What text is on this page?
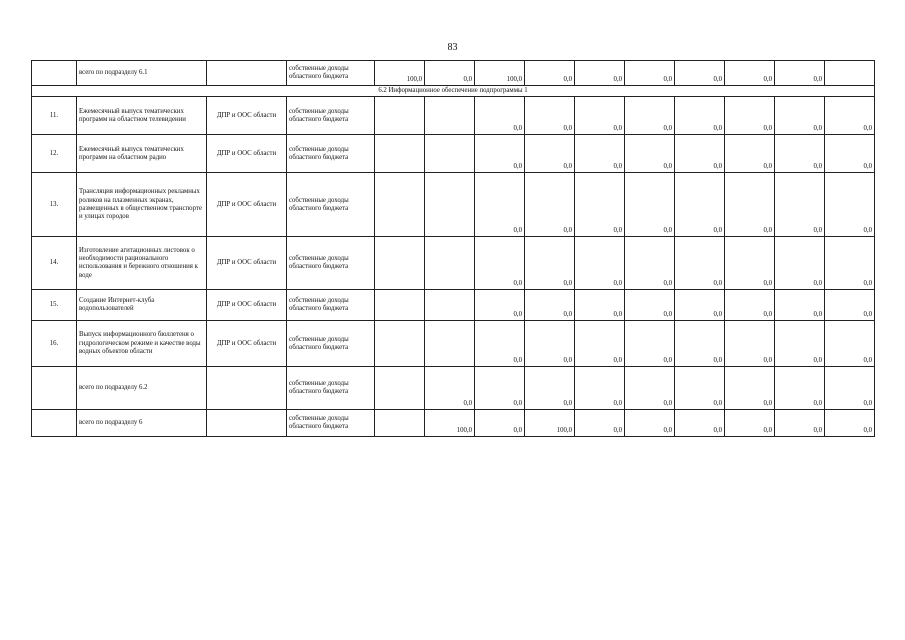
83
	всего по подразделу 6.1		собственные доходы областного бюджета	100,0	0,0	100,0	0,0	0,0	0,0	0,0	0,0	0,0	
6.2 Информационное обеспечение подпрограммы 1													
11.	Ежемесячный выпуск тематических программ на областном телевидении	ДПР и ООС области	собственные доходы областного бюджета			0,0	0,0	0,0	0,0	0,0	0,0	0,0	0,0
12.	Ежемесячный выпуск тематических программ на областном радио	ДПР и ООС области	собственные доходы областного бюджета			0,0	0,0	0,0	0,0	0,0	0,0	0,0	0,0
13.	Трансляция информационных рекламных роликов на плазменных экранах, размещенных в общественном транспорте и улицах городов	ДПР и ООС области	собственные доходы областного бюджета			0,0	0,0	0,0	0,0	0,0	0,0	0,0	0,0
14.	Изготовление агитационных листовок о необходимости рационального использования и бережного отношения к воде	ДПР и ООС области	собственные доходы областного бюджета			0,0	0,0	0,0	0,0	0,0	0,0	0,0	0,0
15.	Создание Интернет-клуба водопользователей	ДПР и ООС области	собственные доходы областного бюджета			0,0	0,0	0,0	0,0	0,0	0,0	0,0	0,0
16.	Выпуск информационного бюллетеня о гидрологическом режиме и качестве воды водных объектов области	ДПР и ООС области	собственные доходы областного бюджета			0,0	0,0	0,0	0,0	0,0	0,0	0,0	0,0
	всего по подразделу 6.2		собственные доходы областного бюджета		0,0	0,0	0,0	0,0	0,0	0,0	0,0	0,0	0,0
	всего по подразделу 6		собственные доходы областного бюджета		100,0	0,0	100,0	0,0	0,0	0,0	0,0	0,0	0,0
